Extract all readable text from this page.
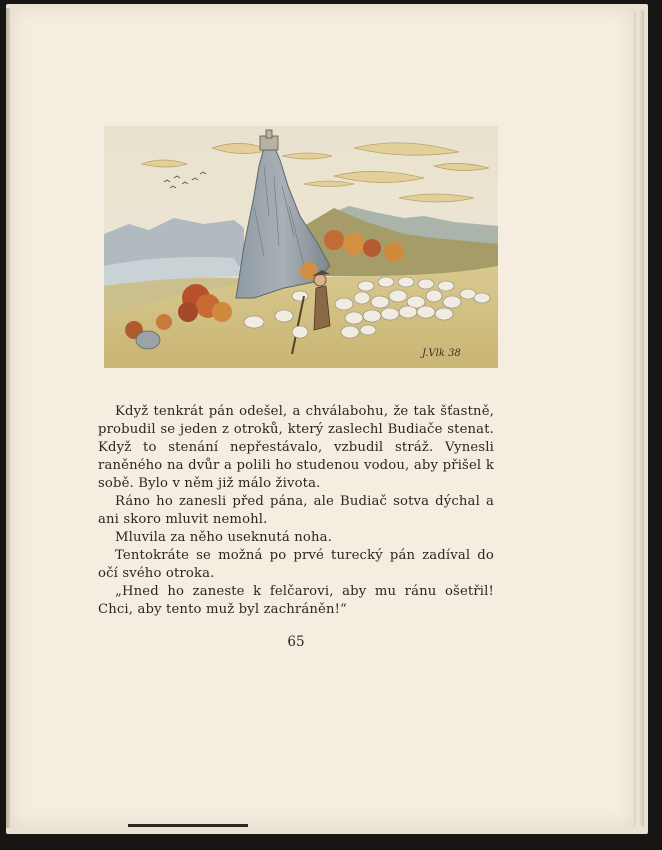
J.Vlk 38

Když tenkrát pán odešel, a chválabohu, že tak šťastně, probudil se jeden z otroků, který zaslechl Budiače stenat. Když to stenání nepřestávalo, vzbudil stráž. Vynesli raněného na dvůr a polili ho studenou vodou, aby přišel k sobě. Bylo v něm již málo života.

Ráno ho zanesli před pána, ale Budiač sotva dýchal a ani skoro mluvit nemohl.

Mluvila za něho useknutá noha.

Tentokráte se možná po prvé turecký pán zadíval do očí svého otroka.

„Hned ho zaneste k felčarovi, aby mu ránu ošetřil! Chci, aby tento muž byl zachráněn!“

65
